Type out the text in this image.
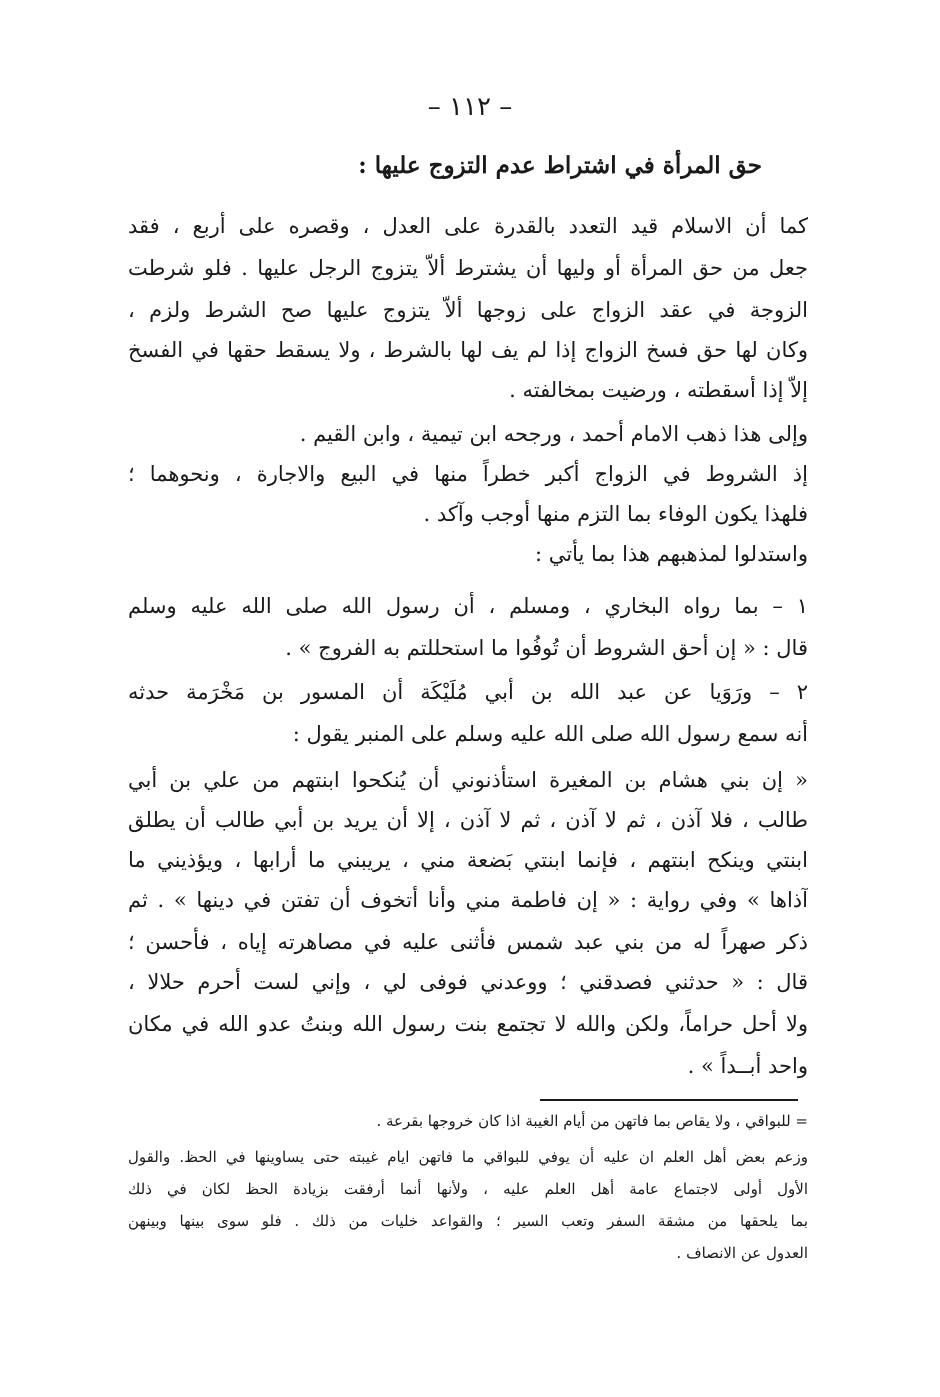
– ١١٢ –
حق المرأة في اشتراط عدم التزوج عليها :
كما أن الاسلام قيد التعدد بالقدرة على العدل ، وقصره على أربع ، فقد
جعل من حق المرأة أو وليها أن يشترط ألاّ يتزوج الرجل عليها . فلو شرطت
الزوجة في عقد الزواج على زوجها ألاّ يتزوج عليها صح الشرط ولزم ،
وكان لها حق فسخ الزواج إذا لم يف لها بالشرط ، ولا يسقط حقها في الفسخ
إلاّ إذا أسقطته ، ورضيت بمخالفته .
وإلى هذا ذهب الامام أحمد ، ورجحه ابن تيمية ، وابن القيم .
إذ الشروط في الزواج أكبر خطراً منها في البيع والاجارة ، ونحوهما ؛
فلهذا يكون الوفاء بما التزم منها أوجب وآكد .
واستدلوا لمذهبهم هذا بما يأتي :
١ – بما رواه البخاري ، ومسلم ، أن رسول الله صلى الله عليه وسلم
قال : « إن أحق الشروط أن تُوفُوا ما استحللتم به الفروج » .
٢ – ورَوَيا عن عبد الله بن أبي مُلَيْكَة أن المسور بن مَخْرَمة حدثه
أنه سمع رسول الله صلى الله عليه وسلم على المنبر يقول :
« إن بني هشام بن المغيرة استأذنوني أن يُنكحوا ابنتهم من علي بن أبي
طالب ، فلا آذن ، ثم لا آذن ، ثم لا آذن ، إلا أن يريد بن أبي طالب أن يطلق
ابنتي وينكح ابنتهم ، فإنما ابنتي بَضعة مني ، يريبني ما أرابها ، ويؤذيني ما
آذاها » وفي رواية : « إن فاطمة مني وأنا أتخوف أن تفتن في دينها » . ثم
ذكر صهراً له من بني عبد شمس فأثنى عليه في مصاهرته إياه ، فأحسن ؛
قال : « حدثني فصدقني ؛ ووعدني فوفى لي ، وإني لست أحرم حلالا ،
ولا أحل حراماً، ولكن والله لا تجتمع بنت رسول الله وبنتُ عدو الله في مكان
واحد أبــداً » .
= للبواقي ، ولا يقاص بما فاتهن من أيام الغيبة اذا كان خروجها بقرعة .
وزعم بعض أهل العلم ان عليه أن يوفي للبواقي ما فاتهن ايام غيبته حتى يساوينها في الحظ. والقول
الأول أولى لاجتماع عامة أهل العلم عليه ، ولأنها أنما أرفقت بزيادة الحظ لكان في ذلك
بما يلحقها من مشقة السفر وتعب السير ؛ والقواعد خليات من ذلك . فلو سوى بينها وبينهن
العدول عن الانصاف .
